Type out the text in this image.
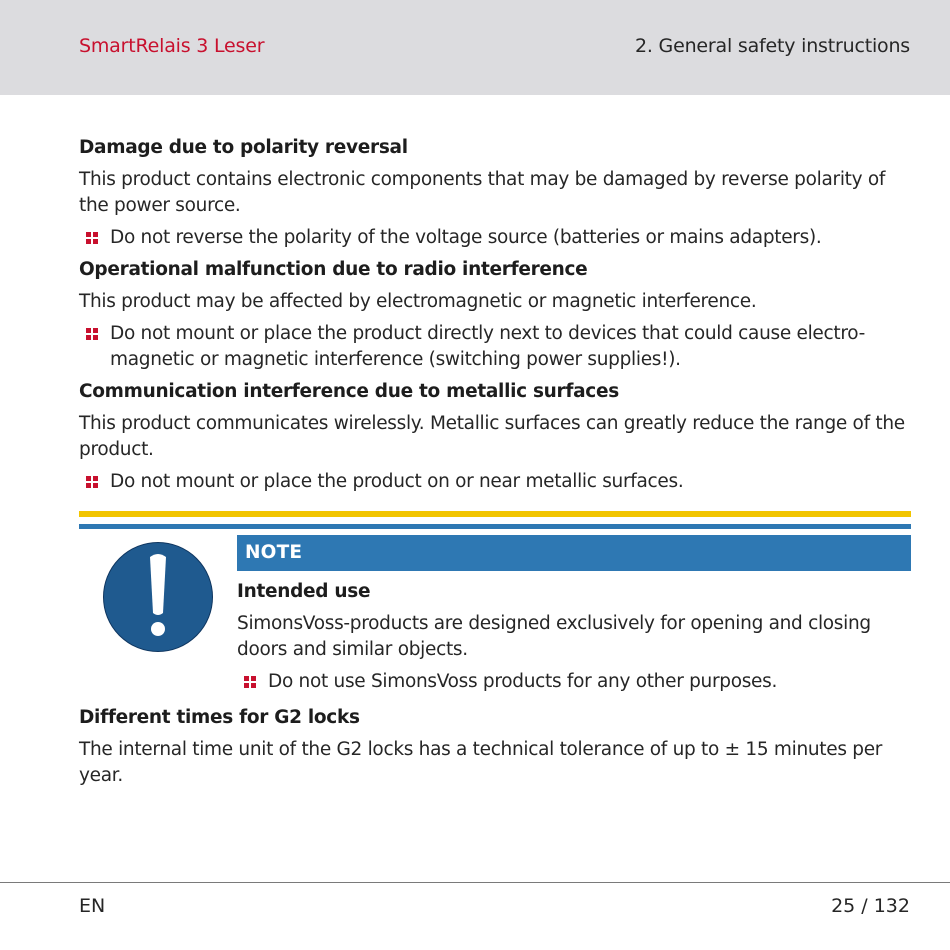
SmartRelais 3 Leser	2. General safety instructions

Damage due to polarity reversal

This product contains electronic components that may be damaged by reverse polarity of the power source.

Do not reverse the polarity of the voltage source (batteries or mains adapters).

Operational malfunction due to radio interference

This product may be affected by electromagnetic or magnetic interference.

Do not mount or place the product directly next to devices that could cause electro-magnetic or magnetic interference (switching power supplies!).

Communication interference due to metallic surfaces

This product communicates wirelessly. Metallic surfaces can greatly reduce the range of the product.

Do not mount or place the product on or near metallic surfaces.
NOTE

Intended use

SimonsVoss-products are designed exclusively for opening and closing doors and similar objects.

Do not use SimonsVoss products for any other purposes.

Different times for G2 locks

The internal time unit of the G2 locks has a technical tolerance of up to ± 15 minutes per year.

EN	25 / 132
